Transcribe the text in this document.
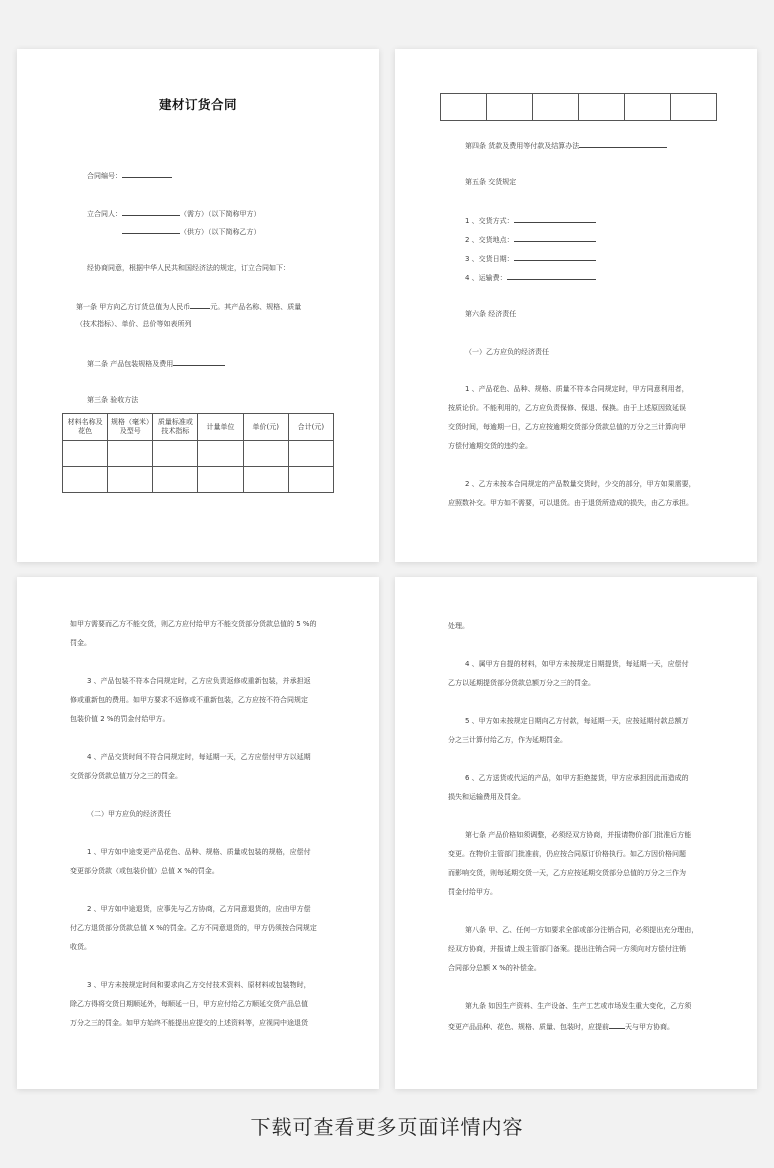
建材订货合同
合同编号：
立合同人：	（需方）（以下简称甲方）
（供方）（以下简称乙方）
经协商同意，根据中华人民共和国经济法的规定，订立合同如下：
第一条 甲方向乙方订货总值为人民币	元。其产品名称、规格、质量
（技术指标）、单价、总价等如表所列
第二条 产品包装规格及费用
第三条 验收方法
材料名称及花色	规格（毫米）及型号	质量标准或技术指标	计量单位	单价(元)	合计(元)

第四条 货款及费用等付款及结算办法
第五条 交货规定
1 、交货方式：
2 、交货地点：
3 、交货日期：
4 、运输费：
第六条 经济责任
（一）乙方应负的经济责任
1 、产品花色、品种、规格、质量不符本合同规定时，甲方同意利用者，
按质论价。不能利用的，乙方应负责保修、保退、保换。由于上述原因致延误
交货时间，每逾期一日，乙方应按逾期交货部分货款总值的万分之三计算向甲
方偿付逾期交货的违约金。
2 、乙方未按本合同规定的产品数量交货时，少交的部分，甲方如果需要，
应照数补交。甲方如不需要，可以退货。由于退货所造成的损失，由乙方承担。
如甲方需要而乙方不能交货，则乙方应付给甲方不能交货部分货款总值的 5 %的
罚金。
3 、产品包装不符本合同规定时，乙方应负责返修或重新包装，并承担返
修或重新包的费用。如甲方要求不返修或不重新包装，乙方应按不符合同规定
包装价值 2 %的罚金付给甲方。
4 、产品交货时间不符合同规定时，每延期一天，乙方应偿付甲方以延期
交货部分货款总值万分之三的罚金。
（二）甲方应负的经济责任
1 、甲方如中途变更产品花色、品种、规格、质量或包装的规格，应偿付
变更部分货款（或包装价值）总值 X %的罚金。
2 、甲方如中途退货，应事先与乙方协商，乙方同意退货的，应由甲方偿
付乙方退货部分货款总值 X %的罚金。乙方不同意退货的，甲方仍须按合同规定
收货。
3 、甲方未按规定时间和要求向乙方交付技术资料、原材料或包装物时，
除乙方得将交货日期顺延外，每顺延一日，甲方应付给乙方顺延交货产品总值
万分之三的罚金。如甲方始终不能提出应提交的上述资料等，应视同中途退货
处理。
4 、属甲方自提的材料，如甲方未按规定日期提货，每延期一天，应偿付
乙方以延期提货部分货款总额万分之三的罚金。
5 、甲方如未按规定日期向乙方付款，每延期一天，应按延期付款总额万
分之三计算付给乙方，作为延期罚金。
6 、乙方送货或代运的产品，如甲方拒绝接货，甲方应承担因此而造成的
损失和运输费用及罚金。
第七条 产品价格如须调整，必须经双方协商，并报请物价部门批准后方能
变更。在物价主管部门批准前，仍应按合同原订价格执行。如乙方因价格问题
而影响交货，则每延期交货一天，乙方应按延期交货部分总值的万分之三作为
罚金付给甲方。
第八条 甲、乙、任何一方如要求全部或部分注销合同，必须提出充分理由，
经双方协商，并报请上级主管部门备案。提出注销合同一方须向对方偿付注销
合同部分总额 X %的补偿金。
第九条 如因生产资料、生产设备、生产工艺或市场发生重大变化，乙方须
变更产品品种、花色、规格、质量、包装时，应提前 天与甲方协商。
下载可查看更多页面详情内容
